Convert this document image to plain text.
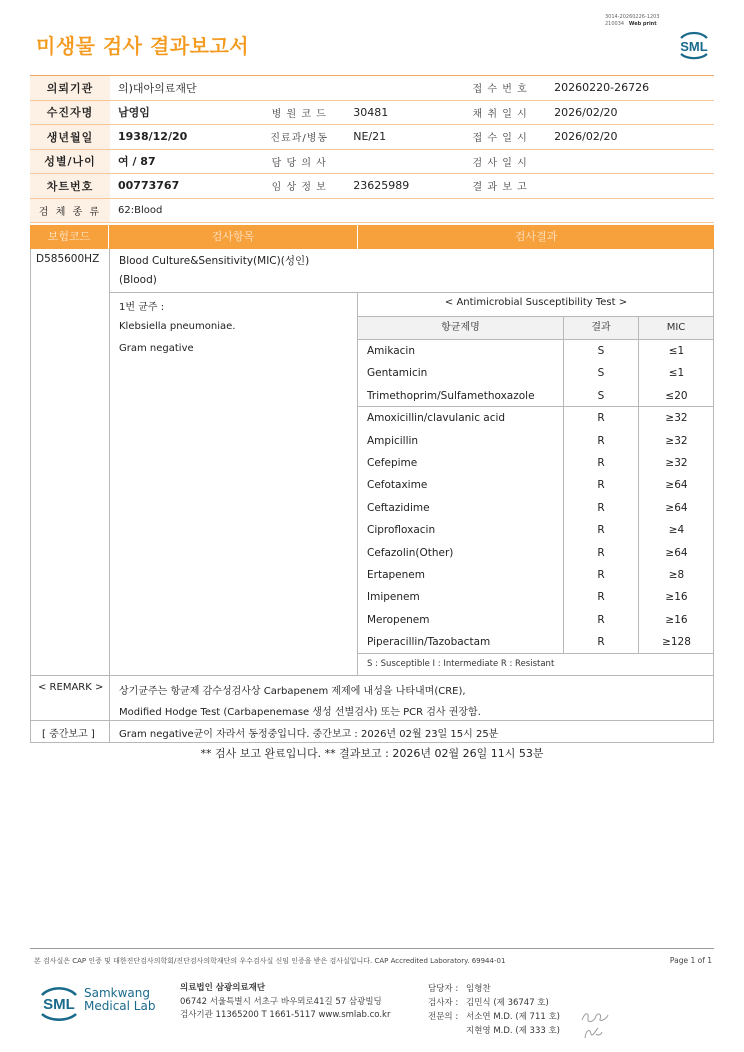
미생물 검사 결과보고서
3014-20260226-1203
210034 Web print
SML
의뢰기관	의)대아의료재단			접 수 번 호	20260220-26726
수진자명	남영임	병 원 코 드	30481	채 취 일 시	2026/02/20
생년월일	1938/12/20	진료과/병동	NE/21	접 수 일 시	2026/02/20
성별/나이	여 / 87	담 당 의 사		검 사 일 시	
차트번호	00773767	임 상 정 보	23625989	결 과 보 고	
검 체 종 류	62:Blood				
보험코드	검사항목	검사결과
D585600HZ Blood Culture&Sensitivity(MIC)(성인)
(Blood)
1번 균주 :
Klebsiella pneumoniae.
Gram negative
< Antimicrobial Susceptibility Test >
항균제명	결과	MIC
Amikacin	S	≤1
Gentamicin	S	≤1
Trimethoprim/Sulfamethoxazole	S	≤20
Amoxicillin/clavulanic acid	R	≥32
Ampicillin	R	≥32
Cefepime	R	≥32
Cefotaxime	R	≥64
Ceftazidime	R	≥64
Ciprofloxacin	R	≥4
Cefazolin(Other)	R	≥64
Ertapenem	R	≥8
Imipenem	R	≥16
Meropenem	R	≥16
Piperacillin/Tazobactam	R	≥128
S : Susceptible I : Intermediate R : Resistant
< REMARK > 상기균주는 항균제 감수성검사상 Carbapenem 제제에 내성을 나타내며(CRE),
Modified Hodge Test (Carbapenemase 생성 선별검사) 또는 PCR 검사 권장함.
[ 중간보고 ] Gram negative균이 자라서 동정중입니다. 중간보고 : 2026년 02월 23일 15시 25분
** 검사 보고 완료입니다. ** 결과보고 : 2026년 02월 26일 11시 53분
본 검사실은 CAP 인증 및 대한진단검사의학회/진단검사의학재단의 우수검사실 신임 인증을 받은 검사실입니다. CAP Accredited Laboratory. 69944-01	Page 1 of 1
SML
Samkwang
Medical Lab
의료법인 삼광의료재단
06742 서울특별시 서초구 바우뫼로41길 57 삼광빌딩
검사기관 11365200 T 1661-5117 www.smlab.co.kr
담당자 : 임형찬
검사자 : 김민식 (제 36747 호)
전문의 : 서소연 M.D. (제 711 호)
지현영 M.D. (제 333 호)
